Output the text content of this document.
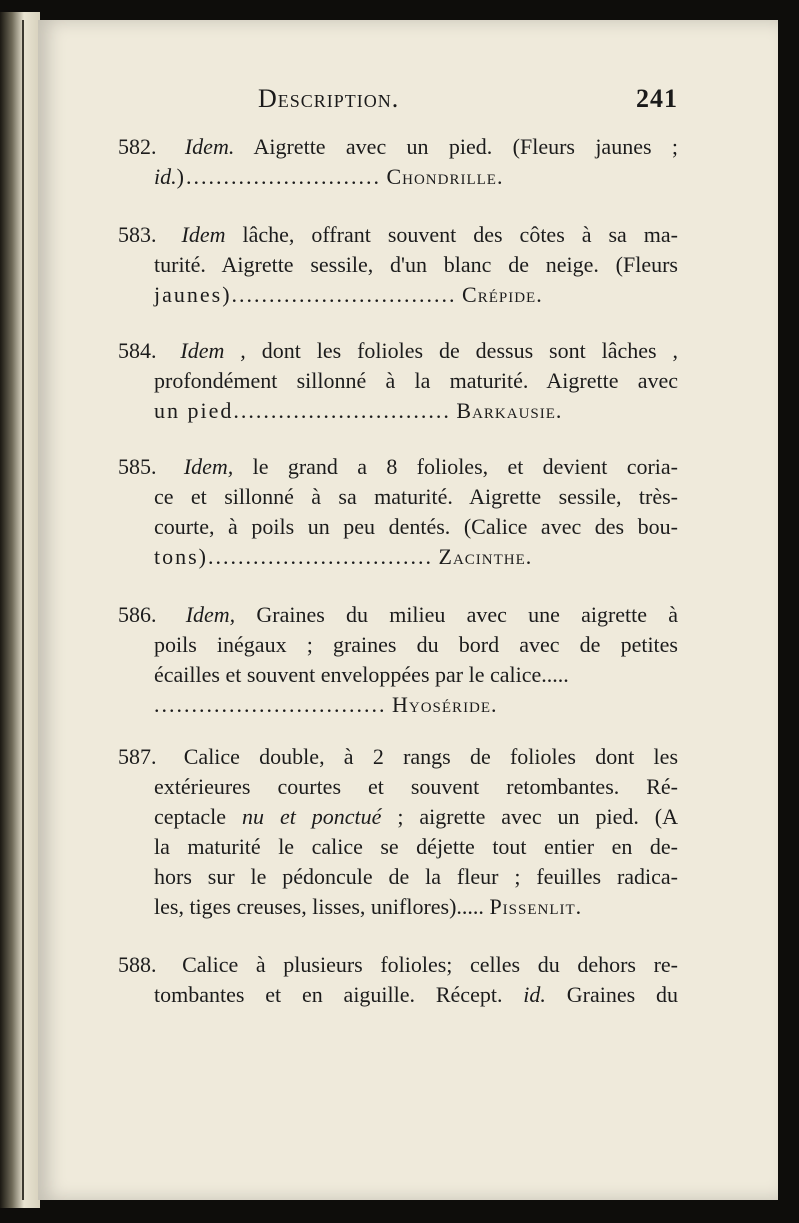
Description.	241
582. Idem. Aigrette avec un pied. (Fleurs jaunes ;
id.).......................... Chondrille.
583. Idem lâche, offrant souvent des côtes à sa ma-
turité. Aigrette sessile, d'un blanc de neige. (Fleurs
jaunes).............................. Crépide.
584. Idem , dont les folioles de dessus sont lâches ,
profondément sillonné à la maturité. Aigrette avec
un pied............................. Barkausie.
585. Idem, le grand a 8 folioles, et devient coria-
ce et sillonné à sa maturité. Aigrette sessile, très-
courte, à poils un peu dentés. (Calice avec des bou-
tons).............................. Zacinthe.
586. Idem, Graines du milieu avec une aigrette à
poils inégaux ; graines du bord avec de petites
écailles et souvent enveloppées par le calice.....
............................... Hyoséride.
587. Calice double, à 2 rangs de folioles dont les
extérieures courtes et souvent retombantes. Ré-
ceptacle nu et ponctué ; aigrette avec un pied. (A
la maturité le calice se déjette tout entier en de-
hors sur le pédoncule de la fleur ; feuilles radica-
les, tiges creuses, lisses, uniflores)..... Pissenlit.
588. Calice à plusieurs folioles; celles du dehors re-
tombantes et en aiguille. Récept. id. Graines du
